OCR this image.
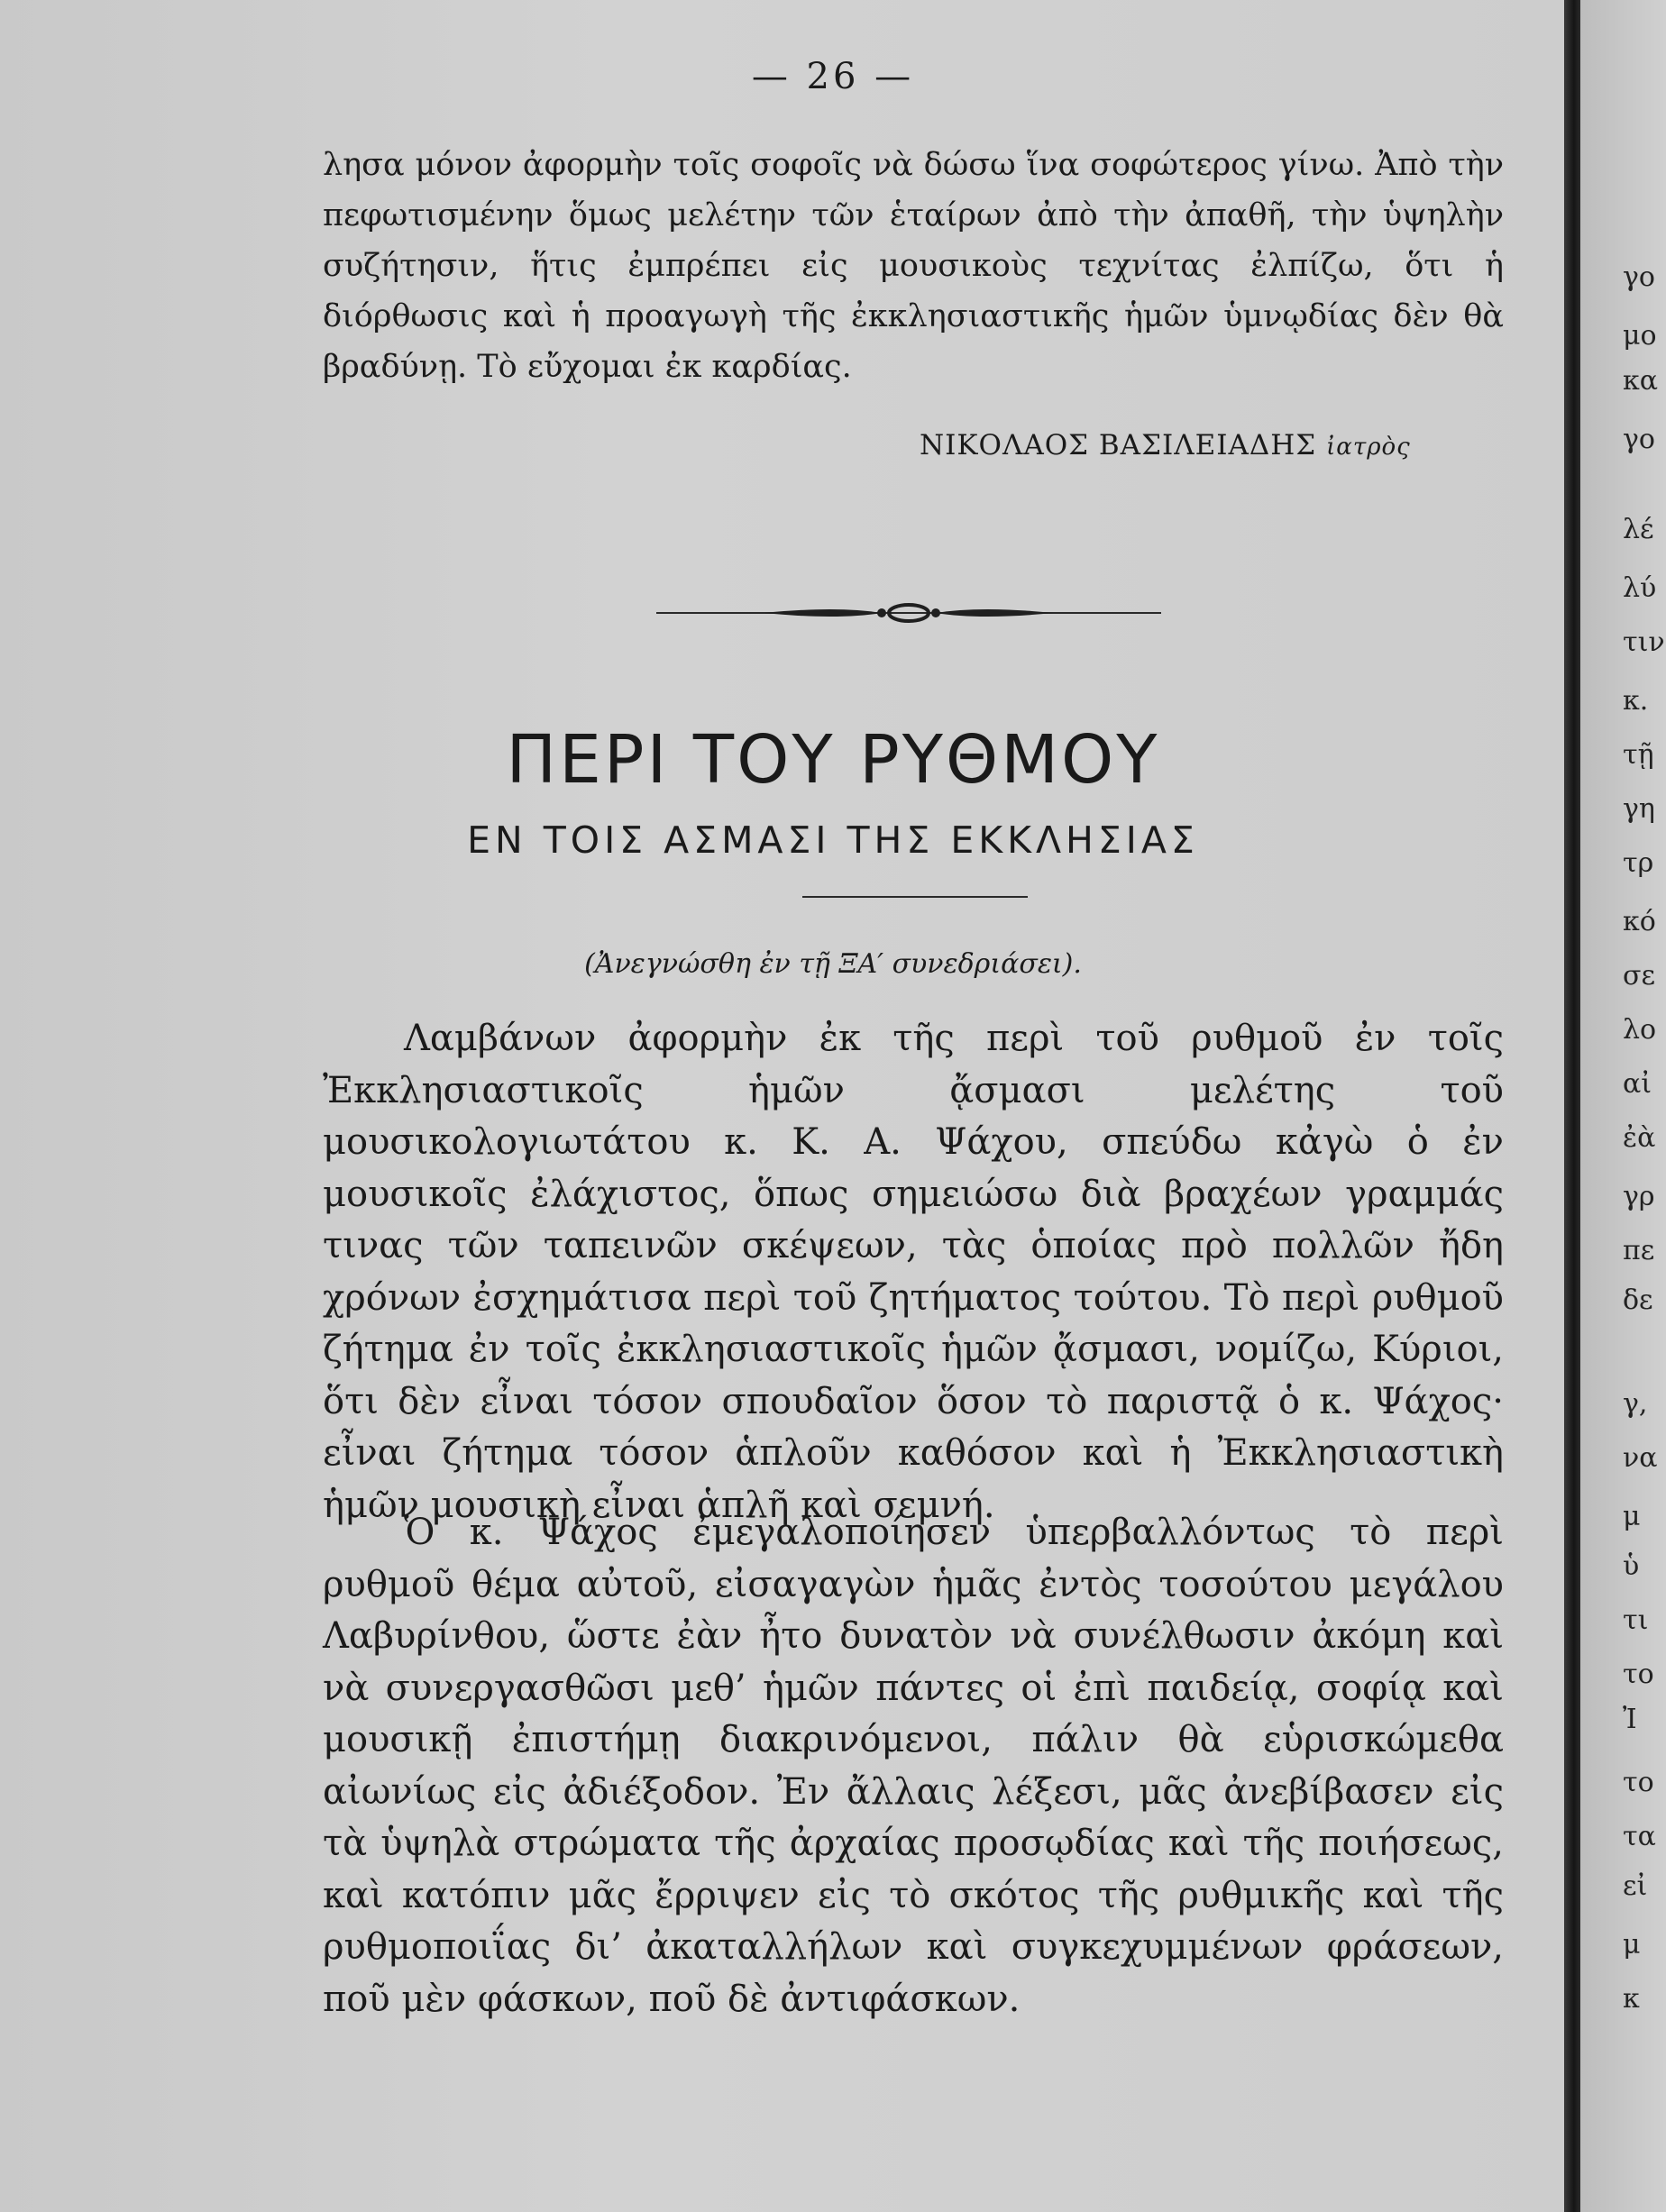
— 26 —
λησα μόνον ἀφορμὴν τοῖς σοφοῖς νὰ δώσω ἵνα σοφώτερος γίνω. Ἀπὸ τὴν πεφωτισμένην ὅμως μελέτην τῶν ἑταίρων ἀπὸ τὴν ἀπαθῆ, τὴν ὑψηλὴν συζήτησιν, ἥτις ἐμπρέπει εἰς μουσικοὺς τεχνίτας ἐλπίζω, ὅτι ἡ διόρθωσις καὶ ἡ προαγωγὴ τῆς ἐκκλησιαστικῆς ἡμῶν ὑμνῳδίας δὲν θὰ βραδύνῃ. Τὸ εὔχομαι ἐκ καρδίας.
ΝΙΚΟΛΑΟΣ ΒΑΣΙΛΕΙΑΔΗΣ ἰατρὸς
ΠΕΡΙ ΤΟΥ ΡΥΘΜΟΥ
ΕΝ ΤΟΙΣ ΑΣΜΑΣΙ ΤΗΣ ΕΚΚΛΗΣΙΑΣ
(Ἀνεγνώσθη ἐν τῇ ΞΑ′ συνεδριάσει).
Λαμβάνων ἀφορμὴν ἐκ τῆς περὶ τοῦ ρυθμοῦ ἐν τοῖς Ἐκκλησιαστικοῖς ἡμῶν ᾄσμασι μελέτης τοῦ μουσικολογιωτάτου κ. Κ. Α. Ψάχου, σπεύδω κἀγὼ ὁ ἐν μουσικοῖς ἐλάχιστος, ὅπως σημειώσω διὰ βραχέων γραμμάς τινας τῶν ταπεινῶν σκέψεων, τὰς ὁποίας πρὸ πολλῶν ἤδη χρόνων ἐσχημάτισα περὶ τοῦ ζητήματος τούτου. Τὸ περὶ ρυθμοῦ ζήτημα ἐν τοῖς ἐκκλησιαστικοῖς ἡμῶν ᾄσμασι, νομίζω, Κύριοι, ὅτι δὲν εἶναι τόσον σπουδαῖον ὅσον τὸ παριστᾷ ὁ κ. Ψάχος· εἶναι ζήτημα τόσον ἁπλοῦν καθόσον καὶ ἡ Ἐκκλησιαστικὴ ἡμῶν μουσικὴ εἶναι ἁπλῆ καὶ σεμνή.
Ὁ κ. Ψάχος ἐμεγαλοποίησεν ὑπερβαλλόντως τὸ περὶ ρυθμοῦ θέμα αὐτοῦ, εἰσαγαγὼν ἡμᾶς ἐντὸς τοσούτου μεγάλου Λαβυρίνθου, ὥστε ἐὰν ἦτο δυνατὸν νὰ συνέλθωσιν ἀκόμη καὶ νὰ συνεργασθῶσι μεθ’ ἡμῶν πάντες οἱ ἐπὶ παιδείᾳ, σοφίᾳ καὶ μουσικῇ ἐπιστήμῃ διακρινόμενοι, πάλιν θὰ εὑρισκώμεθα αἰωνίως εἰς ἀδιέξοδον. Ἐν ἄλλαις λέξεσι, μᾶς ἀνεβίβασεν εἰς τὰ ὑψηλὰ στρώματα τῆς ἀρχαίας προσῳδίας καὶ τῆς ποιήσεως, καὶ κατόπιν μᾶς ἔρριψεν εἰς τὸ σκότος τῆς ρυθμικῆς καὶ τῆς ρυθμοποιΐας δι’ ἀκαταλλήλων καὶ συγκεχυμμένων φράσεων, ποῦ μὲν φάσκων, ποῦ δὲ ἀντιφάσκων.
γο
μο
κα
γο
λέ
λύ
τιν
κ.
τῇ
γη
τρ
κό
σε
λο
αἰ
ἐὰ
γρ
πε
δε
γ,
να
μ
ὑ
τι
το
Ἰ
το
τα
εἰ
μ
κ
